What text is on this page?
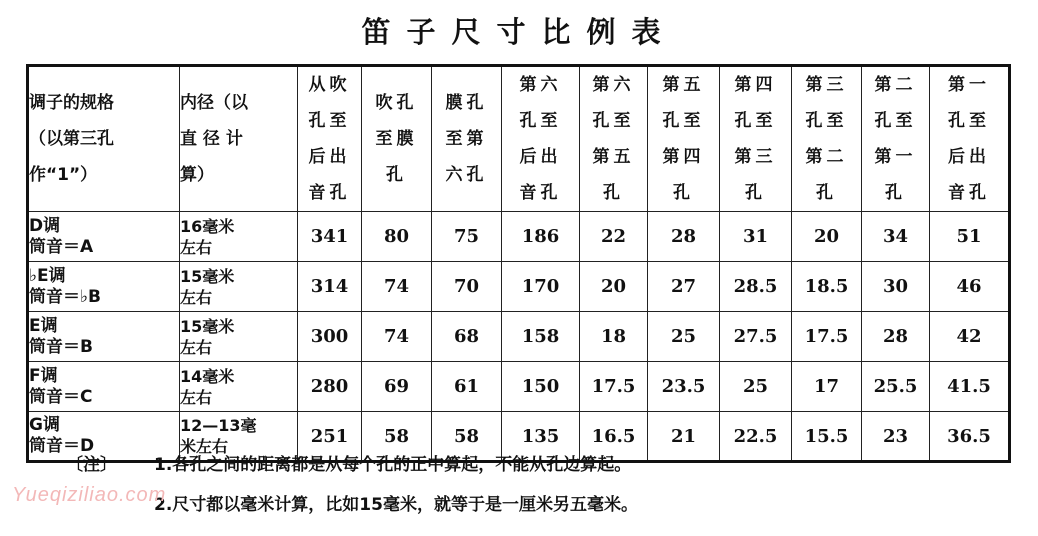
笛子尺寸比例表
调子的规格
（以第三孔
作“1”）	内径（以
直 径 计
算）	从吹
孔至
后出
音孔	吹孔
至膜
孔	膜孔
至第
六孔	第六
孔至
后出
音孔	第六
孔至
第五
孔	第五
孔至
第四
孔	第四
孔至
第三
孔	第三
孔至
第二
孔	第二
孔至
第一
孔	第一
孔至
后出
音孔
D调
筒音＝A	16毫米
左右	341	80	75	186	22	28	31	20	34	51
♭E调
筒音＝♭B	15毫米
左右	314	74	70	170	20	27	28.5	18.5	30	46
E调
筒音＝B	15毫米
左右	300	74	68	158	18	25	27.5	17.5	28	42
F调
筒音＝C	14毫米
左右	280	69	61	150	17.5	23.5	25	17	25.5	41.5
G调
筒音＝D	12—13毫
米左右	251	58	58	135	16.5	21	22.5	15.5	23	36.5
〔注〕 1.各孔之间的距离都是从每个孔的正中算起，不能从孔边算起。
2.尺寸都以毫米计算，比如15毫米，就等于是一厘米另五毫米。
Yueqiziliao.com
